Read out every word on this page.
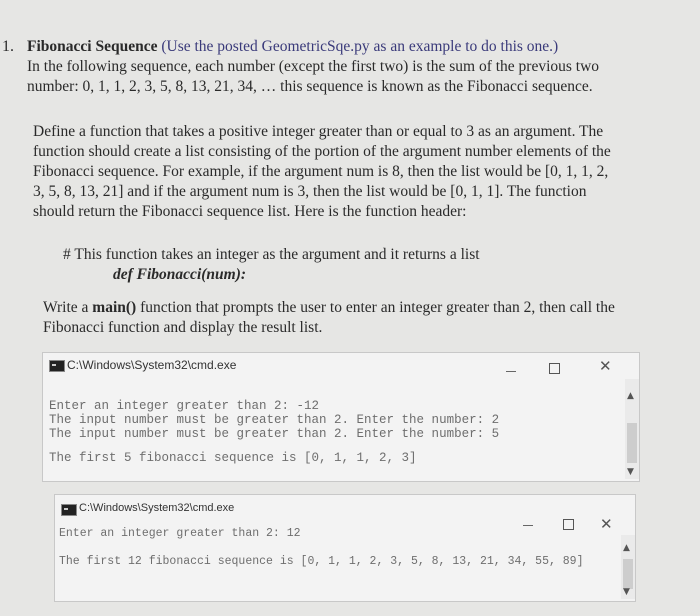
1. Fibonacci Sequence (Use the posted GeometricSqe.py as an example to do this one.)
In the following sequence, each number (except the first two) is the sum of the previous two
number: 0, 1, 1, 2, 3, 5, 8, 13, 21, 34, … this sequence is known as the Fibonacci sequence.
Define a function that takes a positive integer greater than or equal to 3 as an argument. The
function should create a list consisting of the portion of the argument number elements of the
Fibonacci sequence. For example, if the argument num is 8, then the list would be [0, 1, 1, 2,
3, 5, 8, 13, 21] and if the argument num is 3, then the list would be [0, 1, 1]. The function
should return the Fibonacci sequence list. Here is the function header:
# This function takes an integer as the argument and it returns a list
def Fibonacci(num):
Write a main() function that prompts the user to enter an integer greater than 2, then call the
Fibonacci function and display the result list.
C:\Windows\System32\cmd.exe	✕
Enter an integer greater than 2: -12
The input number must be greater than 2. Enter the number: 2
The input number must be greater than 2. Enter the number: 5
The first 5 fibonacci sequence is [0, 1, 1, 2, 3]
▲
▼
C:\Windows\System32\cmd.exe
✕
Enter an integer greater than 2: 12
The first 12 fibonacci sequence is [0, 1, 1, 2, 3, 5, 8, 13, 21, 34, 55, 89]
▲
▼
